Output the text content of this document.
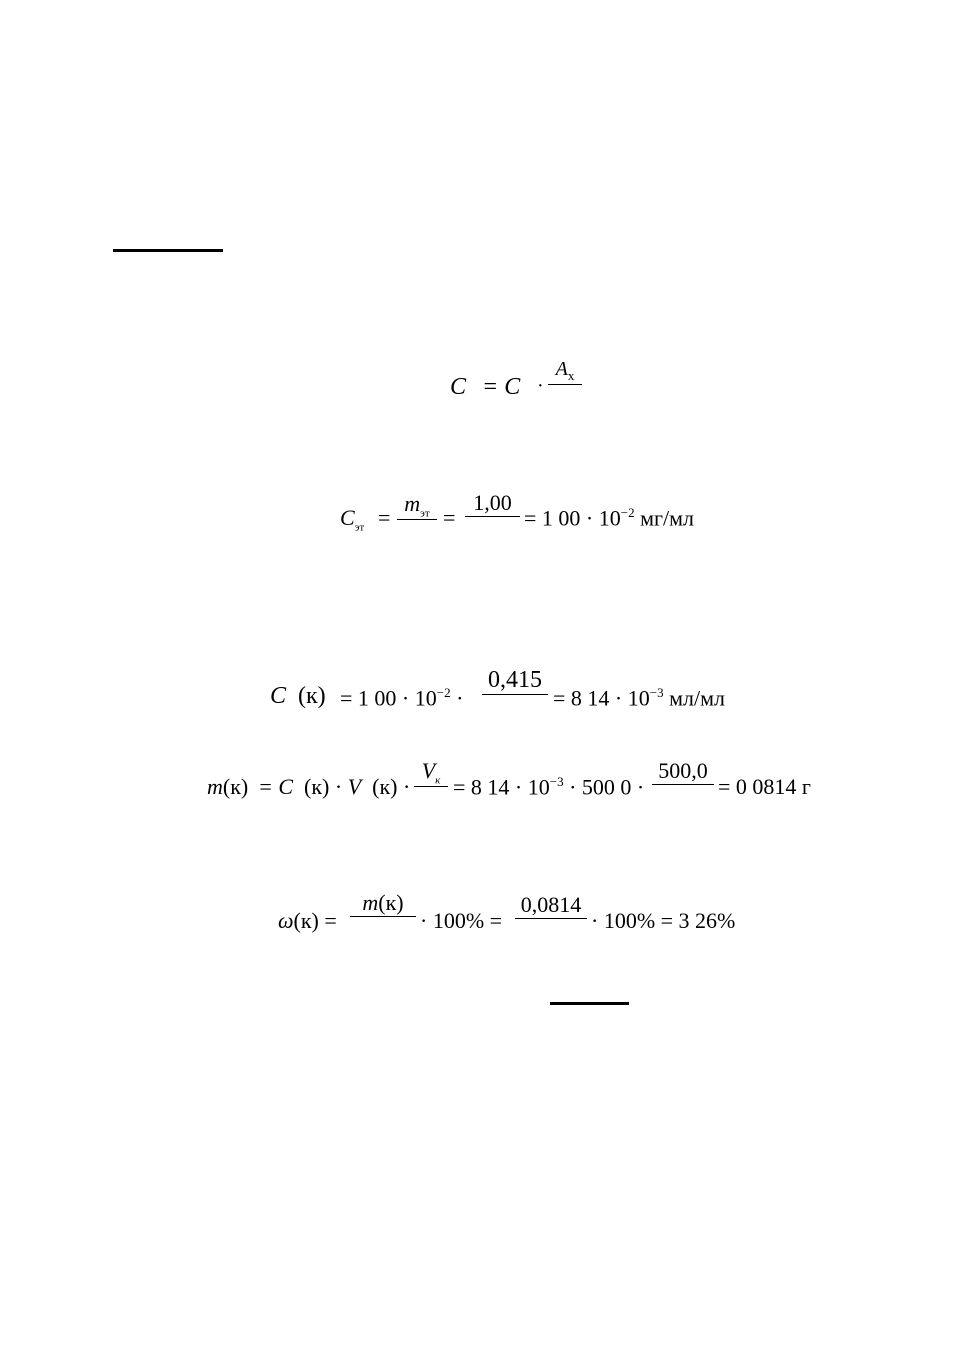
C = C ·
$A_х$
$C_{эт}$ =
$m_{эт}$ =
1,00
= 1 $00 \cdot 10^{-2}$ мг/мл
C (к) = 1 $00 \cdot 10^{-2}$ ·
0,415
= 8 $14 \cdot 10^{-3}$ мл/мл
m(к) = C (к) · V (к) ·
$V_к = 8$ $14 \cdot 10^{-3} \cdot 500$ 0 ·
500,0
= 0 0814 г
ω(к) =
m(к)
· 100% =
0,0814
· 100% = 3 26%
